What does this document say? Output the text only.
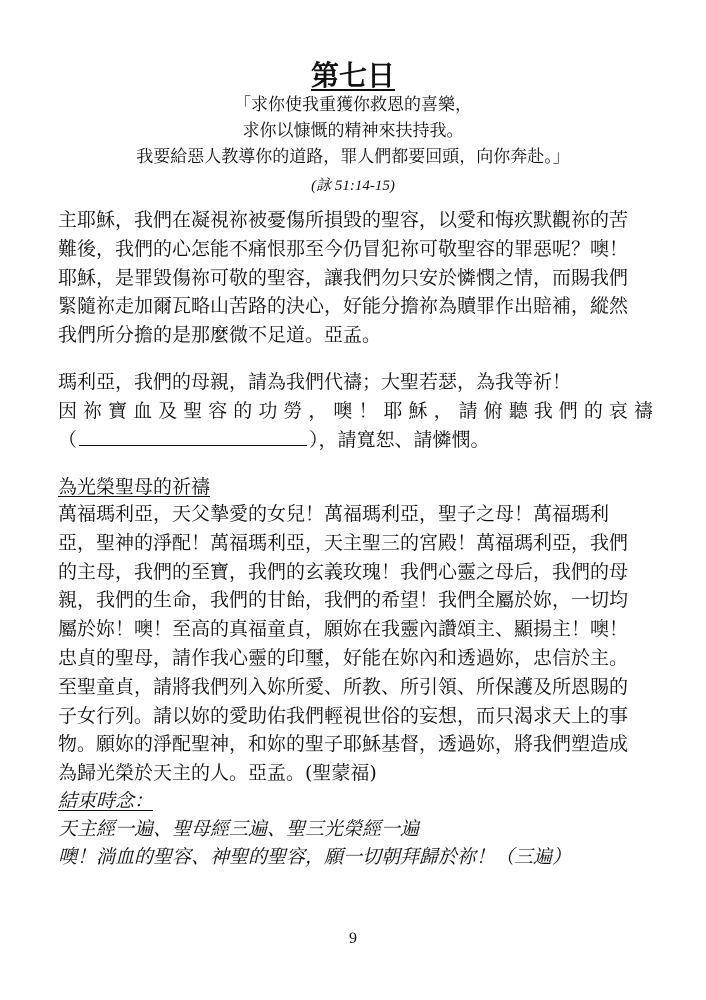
第七日
「求你使我重獲你救恩的喜樂，
求你以慷慨的精神來扶持我。
我要給惡人教導你的道路，罪人們都要回頭，向你奔赴。」
(詠 51:14-15)
主耶穌，我們在凝視祢被憂傷所損毀的聖容，以愛和悔疚默觀祢的苦
難後，我們的心怎能不痛恨那至今仍冒犯祢可敬聖容的罪惡呢？噢！
耶穌，是罪毀傷祢可敬的聖容，讓我們勿只安於憐憫之情，而賜我們
緊隨祢走加爾瓦略山苦路的決心，好能分擔祢為贖罪作出賠補，縱然
我們所分擔的是那麼微不足道。亞孟。
瑪利亞，我們的母親，請為我們代禱；大聖若瑟，為我等祈！
因 祢 寶 血 及 聖 容 的 功 勞 ， 噢 ！ 耶 穌 ， 請 俯 聽 我 們 的 哀 禱
（	），請寬恕、請憐憫。
為光榮聖母的祈禱
萬福瑪利亞，天父摯愛的女兒！萬福瑪利亞，聖子之母！萬福瑪利
亞，聖神的淨配！萬福瑪利亞，天主聖三的宮殿！萬福瑪利亞，我們
的主母，我們的至寶，我們的玄義玫瑰！我們心靈之母后，我們的母
親，我們的生命，我們的甘飴，我們的希望！我們全屬於妳，一切均
屬於妳！噢！至高的真福童貞，願妳在我靈內讚頌主、顯揚主！噢！
忠貞的聖母，請作我心靈的印璽，好能在妳內和透過妳，忠信於主。
至聖童貞，請將我們列入妳所愛、所教、所引領、所保護及所恩賜的
子女行列。請以妳的愛助佑我們輕視世俗的妄想，而只渴求天上的事
物。願妳的淨配聖神，和妳的聖子耶穌基督，透過妳，將我們塑造成
為歸光榮於天主的人。亞孟。(聖蒙福)
結束時念：
天主經一遍、聖母經三遍、聖三光榮經一遍
噢！淌血的聖容、神聖的聖容，願一切朝拜歸於祢！（三遍）
9
